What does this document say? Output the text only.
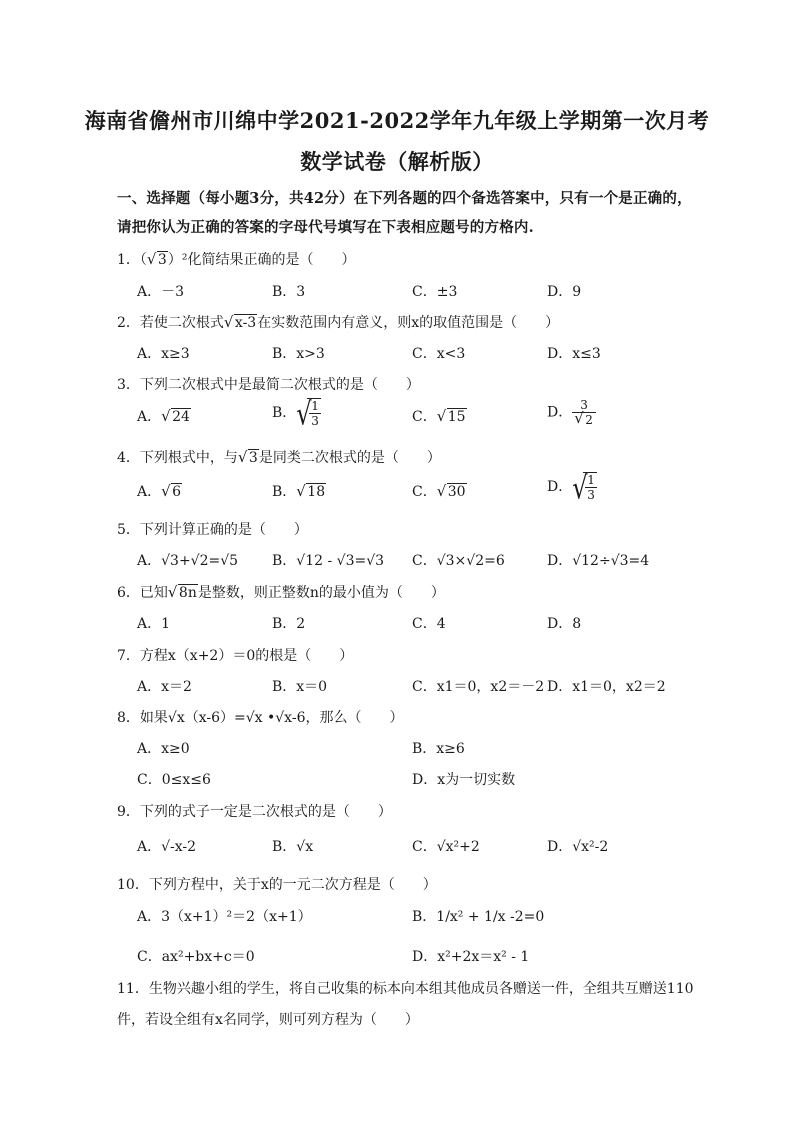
海南省儋州市川绵中学2021-2022学年九年级上学期第一次月考
数学试卷（解析版）
一、选择题（每小题3分，共42分）在下列各题的四个备选答案中，只有一个是正确的，
请把你认为正确的答案的字母代号填写在下表相应题号的方格内.
1．（ √ 3）²化简结果正确的是（　　）
A．－3	B．3	C．±3	D．9
2．若使二次根式 √ x-3在实数范围内有意义，则x的取值范围是（　　）
A．x≥3	B．x>3	C．x<3	D．x≤3
3．下列二次根式中是最简二次根式的是（　　）
A． √ 24	B． √ $\frac{1}{3}$	C． √ 15	D． 3
√ 2
4．下列根式中，与 √ 3是同类二次根式的是（　　）
A． √ 6	B． √ 18	C． √ 30	D． √ $\frac{1}{3}$
5．下列计算正确的是（　　）
A．√3+√2=√5 B．√12 - √3=√3 C．√3×√2=6	D．√12÷√3=4
6．已知 √ 8n是整数，则正整数n的最小值为（　　）
A．1	B．2	C．4	D．8
7．方程x（x+2）＝0的根是（　　）
A．x＝2	B．x＝0	C．x1＝0，x2＝－2 D．x1＝0，x2＝2
8．如果√x（x-6）=√x •√x-6，那么（　　）
A．x≥0	B．x≥6
C．0≤x≤6	D．x为一切实数
9．下列的式子一定是二次根式的是（　　）
A．√-x-2	B．√x	C．√x²+2	D．√x²-2
10．下列方程中，关于x的一元二次方程是（　　）
A．3（x+1）²＝2（x+1）	B．1/x² + 1/x -2=0
C．ax²+bx+c＝0	D．x²+2x＝x² - 1
11．生物兴趣小组的学生，将自己收集的标本向本组其他成员各赠送一件，全组共互赠送110
件，若设全组有x名同学，则可列方程为（　　）
